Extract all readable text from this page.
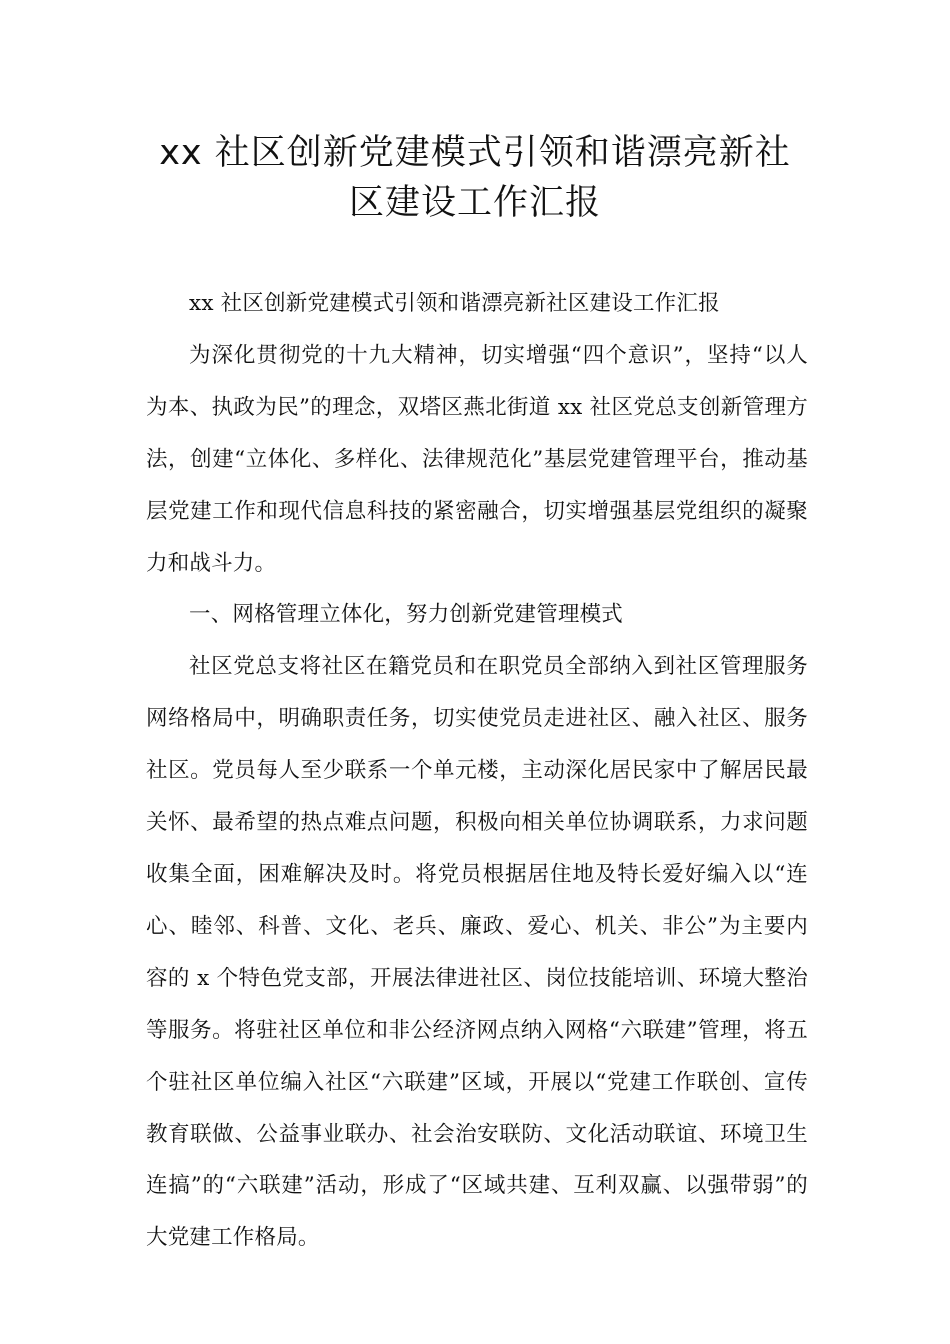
xx 社区创新党建模式引领和谐漂亮新社
区建设工作汇报

xx 社区创新党建模式引领和谐漂亮新社区建设工作汇报

为深化贯彻党的十九大精神，切实增强“四个意识”，坚持“以人为本、执政为民”的理念，双塔区燕北街道 xx 社区党总支创新管理方法，创建“立体化、多样化、法律规范化”基层党建管理平台，推动基层党建工作和现代信息科技的紧密融合，切实增强基层党组织的凝聚力和战斗力。

一、网格管理立体化，努力创新党建管理模式

社区党总支将社区在籍党员和在职党员全部纳入到社区管理服务网络格局中，明确职责任务，切实使党员走进社区、融入社区、服务社区。党员每人至少联系一个单元楼，主动深化居民家中了解居民最关怀、最希望的热点难点问题，积极向相关单位协调联系，力求问题收集全面，困难解决及时。将党员根据居住地及特长爱好编入以“连心、睦邻、科普、文化、老兵、廉政、爱心、机关、非公”为主要内容的 x 个特色党支部，开展法律进社区、岗位技能培训、环境大整治等服务。将驻社区单位和非公经济网点纳入网格“六联建”管理，将五个驻社区单位编入社区“六联建”区域，开展以“党建工作联创、宣传教育联做、公益事业联办、社会治安联防、文化活动联谊、环境卫生连搞”的“六联建”活动，形成了“区域共建、互利双赢、以强带弱”的大党建工作格局。
